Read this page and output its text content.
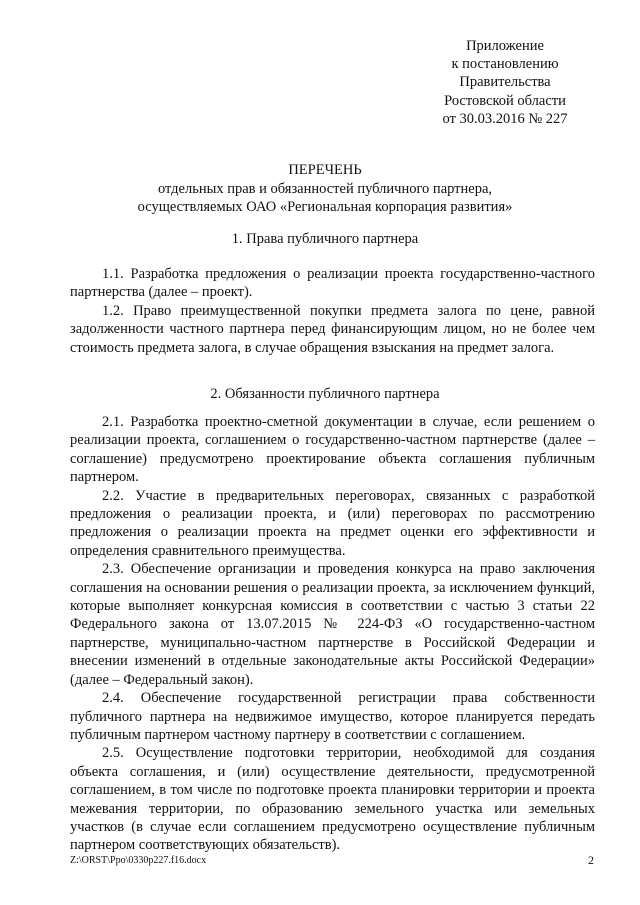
Приложение
к постановлению
Правительства
Ростовской области
от 30.03.2016 № 227
ПЕРЕЧЕНЬ
отдельных прав и обязанностей публичного партнера,
осуществляемых ОАО «Региональная корпорация развития»
1. Права публичного партнера

1.1. Разработка предложения о реализации проекта государственно-частного партнерства (далее – проект).

1.2. Право преимущественной покупки предмета залога по цене, равной задолженности частного партнера перед финансирующим лицом, но не более чем стоимость предмета залога, в случае обращения взыскания на предмет залога.

2. Обязанности публичного партнера

2.1. Разработка проектно-сметной документации в случае, если решением о реализации проекта, соглашением о государственно-частном партнерстве (далее – соглашение) предусмотрено проектирование объекта соглашения публичным партнером.

2.2. Участие в предварительных переговорах, связанных с разработкой предложения о реализации проекта, и (или) переговорах по рассмотрению предложения о реализации проекта на предмет оценки его эффективности и определения сравнительного преимущества.

2.3. Обеспечение организации и проведения конкурса на право заключения соглашения на основании решения о реализации проекта, за исключением функций, которые выполняет конкурсная комиссия в соответствии с частью 3 статьи 22 Федерального закона от 13.07.2015 № 224-ФЗ «О государственно-частном партнерстве, муниципально-частном партнерстве в Российской Федерации и внесении изменений в отдельные законодательные акты Российской Федерации» (далее – Федеральный закон).

2.4. Обеспечение государственной регистрации права собственности публичного партнера на недвижимое имущество, которое планируется передать публичным партнером частному партнеру в соответствии с соглашением.

2.5. Осуществление подготовки территории, необходимой для создания объекта соглашения, и (или) осуществление деятельности, предусмотренной соглашением, в том числе по подготовке проекта планировки территории и проекта межевания территории, по образованию земельного участка или земельных участков (в случае если соглашением предусмотрено осуществление публичным партнером соответствующих обязательств).

Z:\ORST\Ppo\0330p227.f16.docx	2
